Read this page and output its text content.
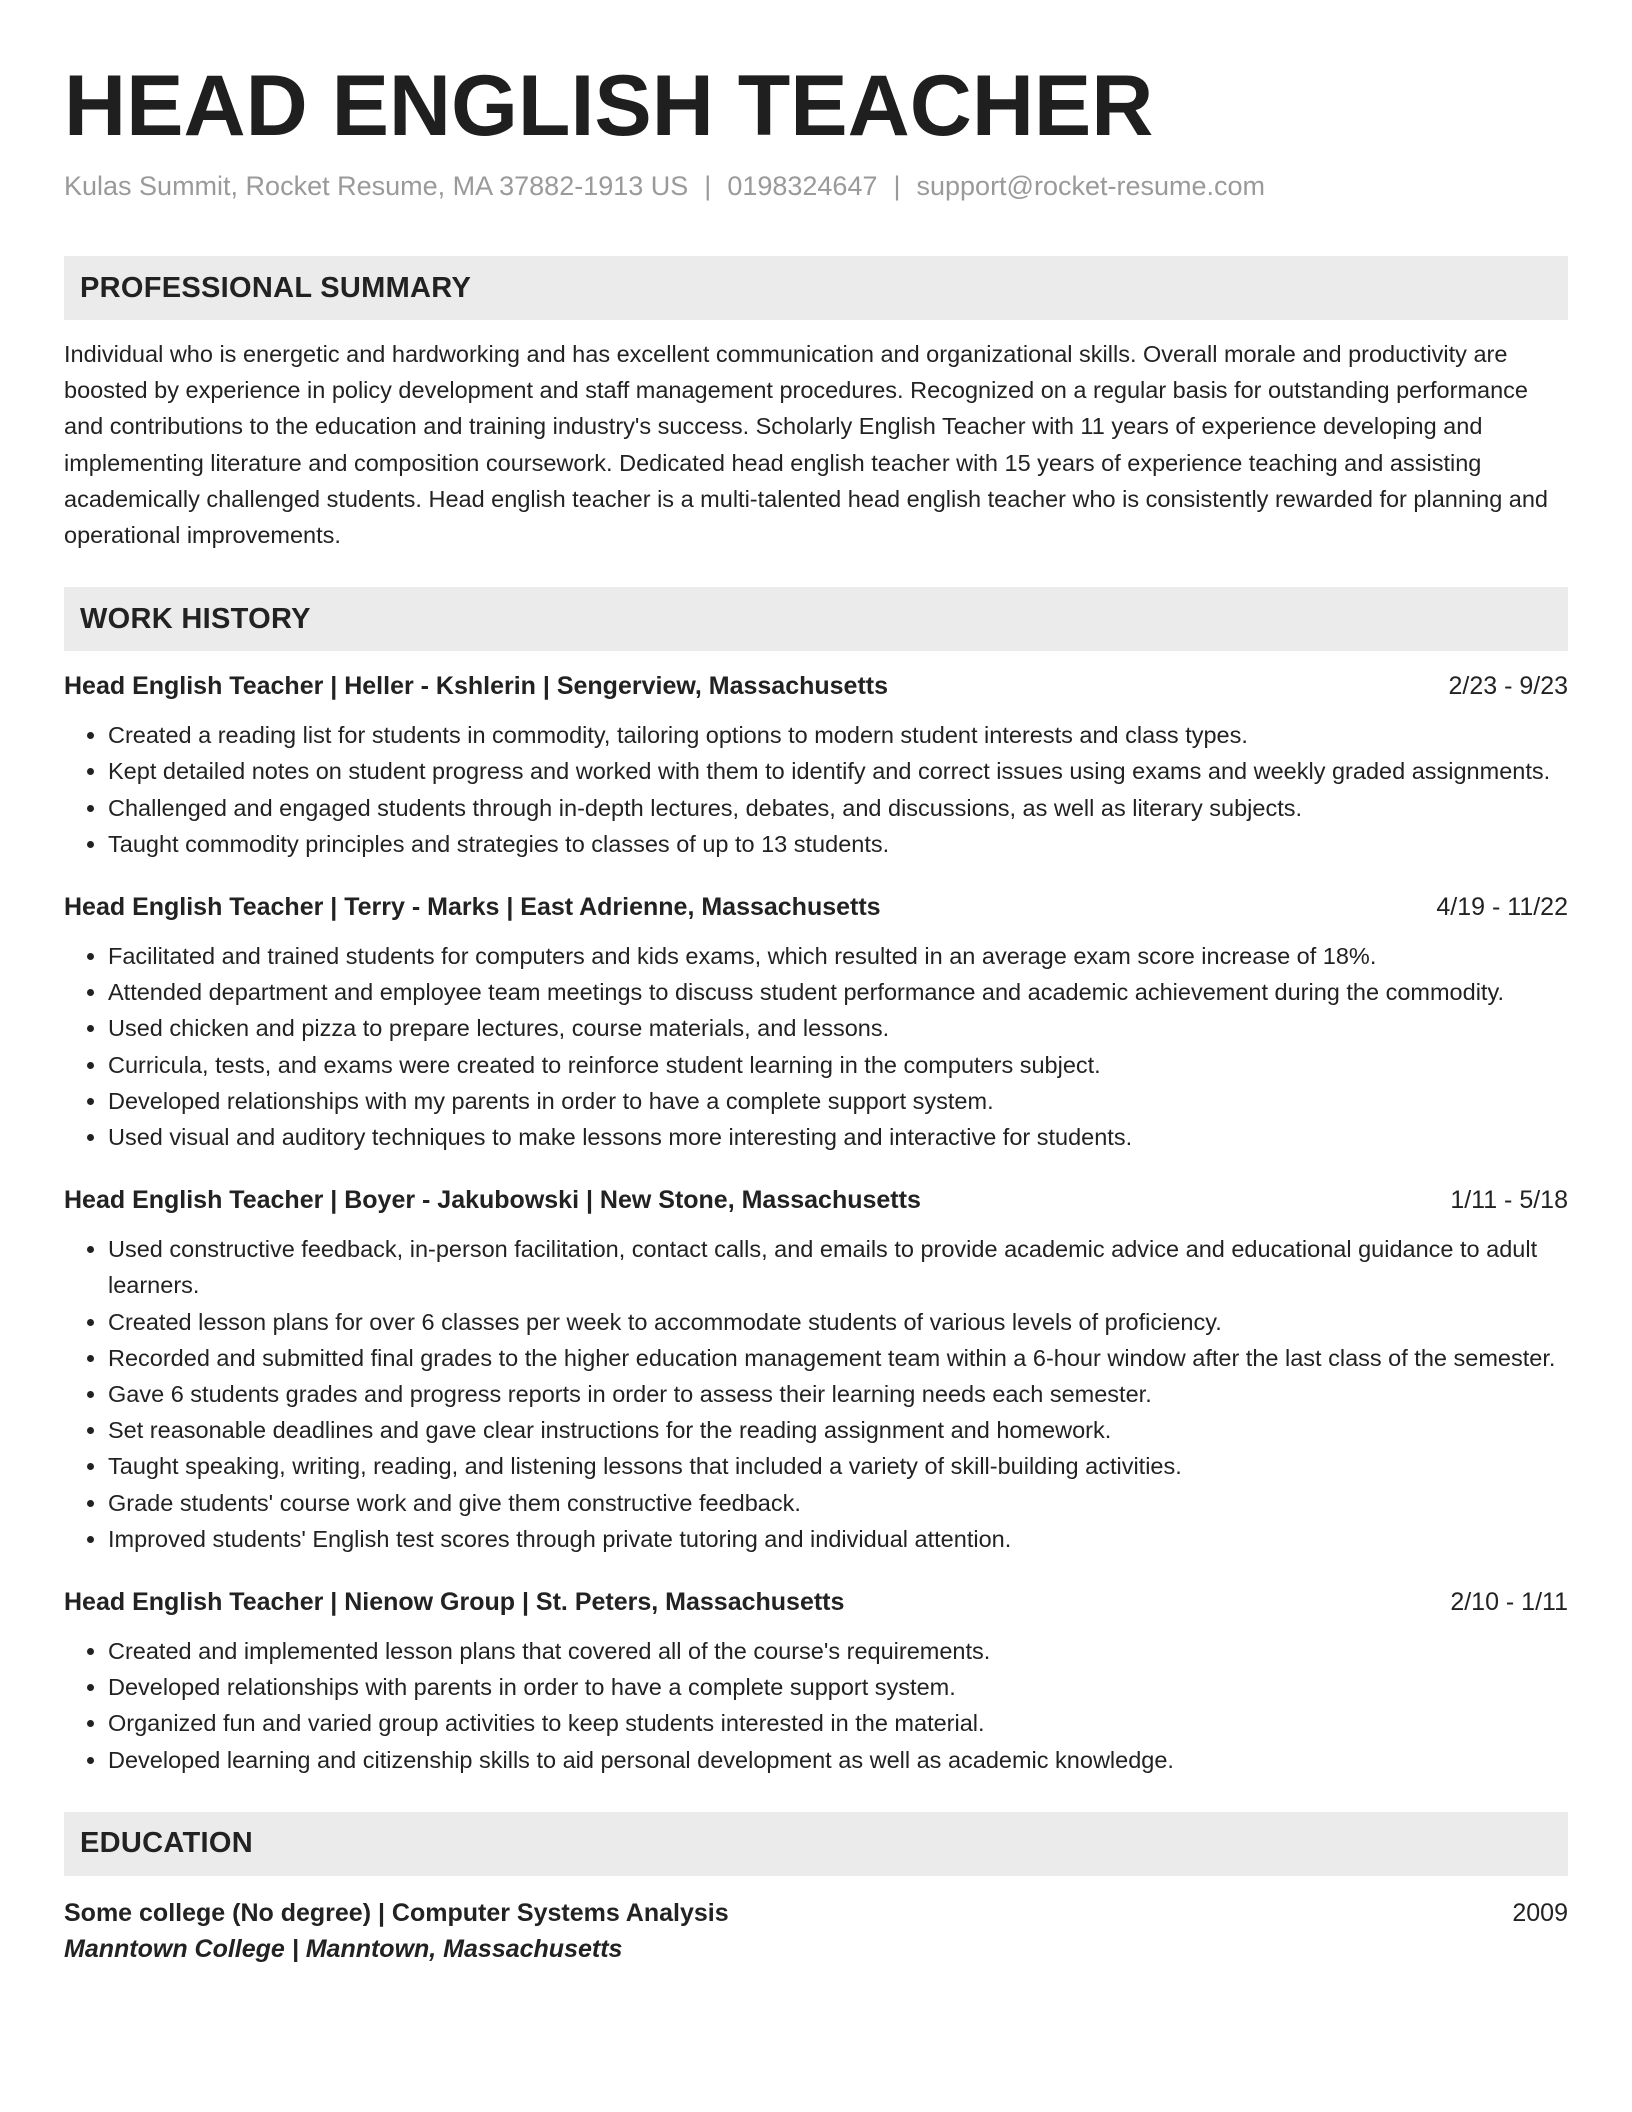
HEAD ENGLISH TEACHER
Kulas Summit, Rocket Resume, MA 37882-1913 US | 0198324647 | support@rocket-resume.com
PROFESSIONAL SUMMARY
Individual who is energetic and hardworking and has excellent communication and organizational skills. Overall morale and productivity are boosted by experience in policy development and staff management procedures. Recognized on a regular basis for outstanding performance and contributions to the education and training industry's success. Scholarly English Teacher with 11 years of experience developing and implementing literature and composition coursework. Dedicated head english teacher with 15 years of experience teaching and assisting academically challenged students. Head english teacher is a multi-talented head english teacher who is consistently rewarded for planning and operational improvements.
WORK HISTORY
Head English Teacher | Heller - Kshlerin | Sengerview, Massachusetts	2/23 - 9/23
• Created a reading list for students in commodity, tailoring options to modern student interests and class types.
• Kept detailed notes on student progress and worked with them to identify and correct issues using exams and weekly graded assignments.
• Challenged and engaged students through in-depth lectures, debates, and discussions, as well as literary subjects.
• Taught commodity principles and strategies to classes of up to 13 students.
Head English Teacher | Terry - Marks | East Adrienne, Massachusetts	4/19 - 11/22
• Facilitated and trained students for computers and kids exams, which resulted in an average exam score increase of 18%.
• Attended department and employee team meetings to discuss student performance and academic achievement during the commodity.
• Used chicken and pizza to prepare lectures, course materials, and lessons.
• Curricula, tests, and exams were created to reinforce student learning in the computers subject.
• Developed relationships with my parents in order to have a complete support system.
• Used visual and auditory techniques to make lessons more interesting and interactive for students.
Head English Teacher | Boyer - Jakubowski | New Stone, Massachusetts	1/11 - 5/18
• Used constructive feedback, in-person facilitation, contact calls, and emails to provide academic advice and educational guidance to adult learners.
• Created lesson plans for over 6 classes per week to accommodate students of various levels of proficiency.
• Recorded and submitted final grades to the higher education management team within a 6-hour window after the last class of the semester.
• Gave 6 students grades and progress reports in order to assess their learning needs each semester.
• Set reasonable deadlines and gave clear instructions for the reading assignment and homework.
• Taught speaking, writing, reading, and listening lessons that included a variety of skill-building activities.
• Grade students' course work and give them constructive feedback.
• Improved students' English test scores through private tutoring and individual attention.
Head English Teacher | Nienow Group | St. Peters, Massachusetts	2/10 - 1/11
• Created and implemented lesson plans that covered all of the course's requirements.
• Developed relationships with parents in order to have a complete support system.
• Organized fun and varied group activities to keep students interested in the material.
• Developed learning and citizenship skills to aid personal development as well as academic knowledge.
EDUCATION
Some college (No degree) | Computer Systems Analysis	2009
Manntown College | Manntown, Massachusetts
